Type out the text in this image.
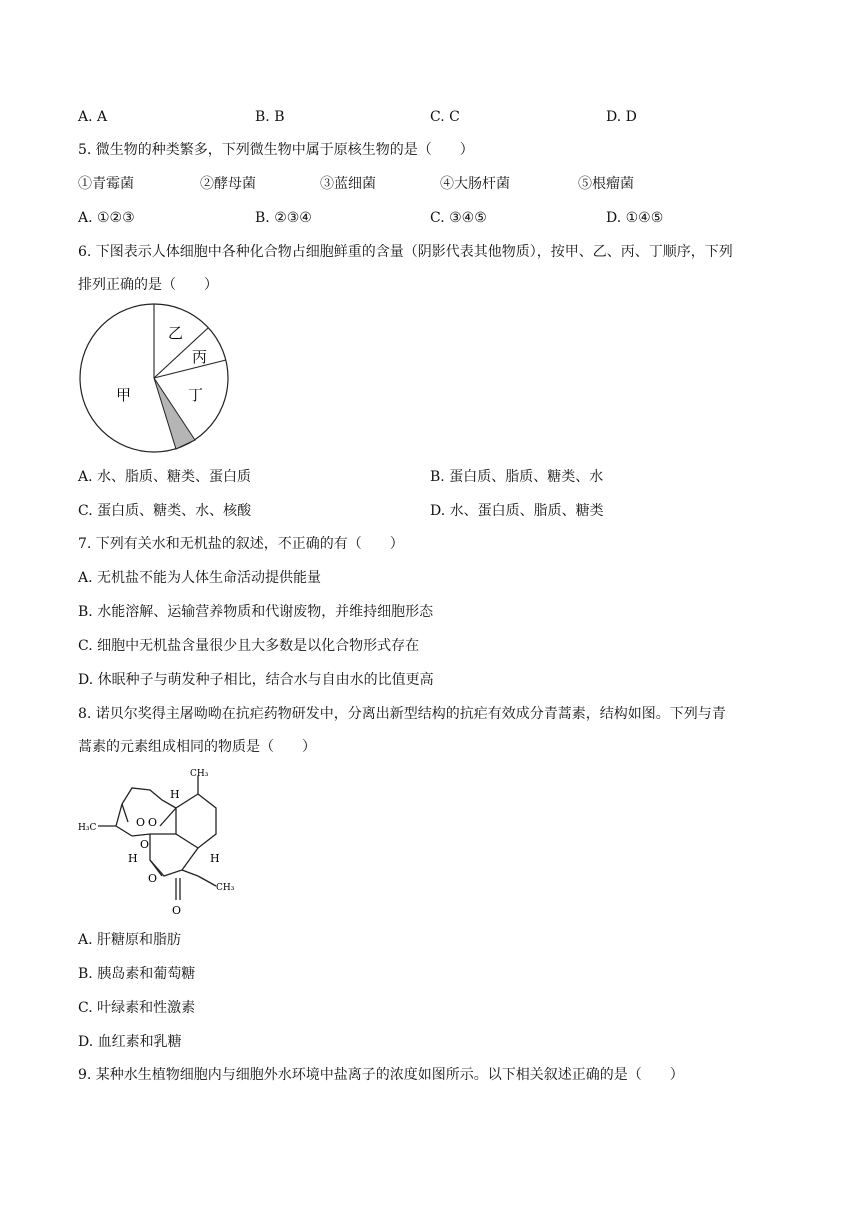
A. A	B. B	C. C	D. D
5. 微生物的种类繁多，下列微生物中属于原核生物的是（　　）
①青霉菌	②酵母菌	③蓝细菌	④大肠杆菌	⑤根瘤菌
A. ①②③	B. ②③④	C. ③④⑤	D. ①④⑤
6. 下图表示人体细胞中各种化合物占细胞鲜重的含量（阴影代表其他物质），按甲、乙、丙、丁顺序，下列
排列正确的是（　　）
乙
丙
丁
甲
A. 水、脂质、糖类、蛋白质	B. 蛋白质、脂质、糖类、水
C. 蛋白质、糖类、水、核酸	D. 水、蛋白质、脂质、糖类
7. 下列有关水和无机盐的叙述，不正确的有（　　）
A. 无机盐不能为人体生命活动提供能量
B. 水能溶解、运输营养物质和代谢废物，并维持细胞形态
C. 细胞中无机盐含量很少且大多数是以化合物形式存在
D. 休眠种子与萌发种子相比，结合水与自由水的比值更高
8. 诺贝尔奖得主屠呦呦在抗疟药物研发中，分离出新型结构的抗疟有效成分青蒿素，结构如图。下列与青
蒿素的元素组成相同的物质是（　　）
CH₃
H₃C
CH₃
H
H	H
O O
O
O
O
A. 肝糖原和脂肪
B. 胰岛素和葡萄糖
C. 叶绿素和性激素
D. 血红素和乳糖
9. 某种水生植物细胞内与细胞外水环境中盐离子的浓度如图所示。以下相关叙述正确的是（　　）
